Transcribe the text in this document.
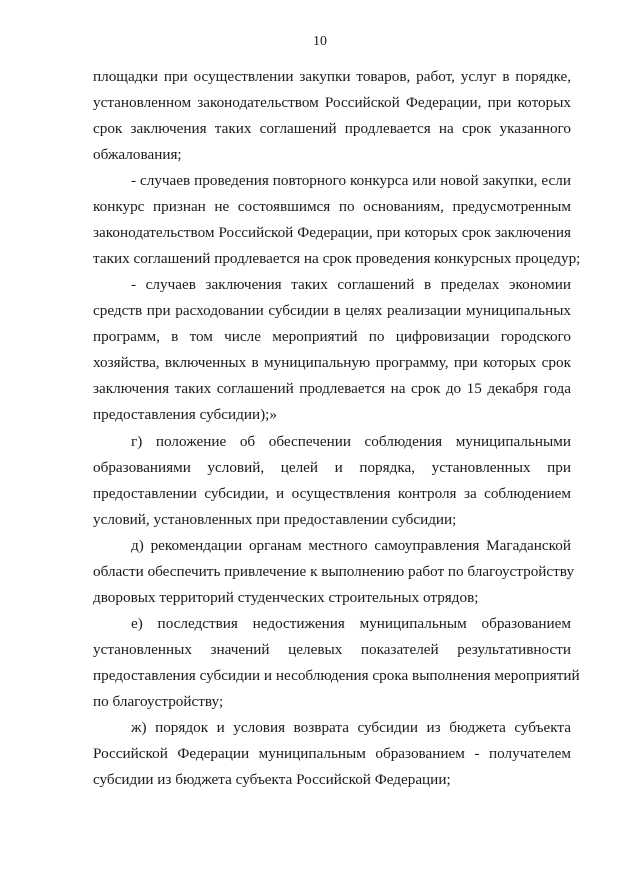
10
площадки при осуществлении закупки товаров, работ, услуг в порядке,
установленном законодательством Российской Федерации, при которых
срок заключения таких соглашений продлевается на срок указанного
обжалования;
- случаев проведения повторного конкурса или новой закупки, если
конкурс признан не состоявшимся по основаниям, предусмотренным
законодательством Российской Федерации, при которых срок заключения
таких соглашений продлевается на срок проведения конкурсных процедур;
- случаев заключения таких соглашений в пределах экономии
средств при расходовании субсидии в целях реализации муниципальных
программ, в том числе мероприятий по цифровизации городского
хозяйства, включенных в муниципальную программу, при которых срок
заключения таких соглашений продлевается на срок до 15 декабря года
предоставления субсидии);»
г) положение об обеспечении соблюдения муниципальными
образованиями условий, целей и порядка, установленных при
предоставлении субсидии, и осуществления контроля за соблюдением
условий, установленных при предоставлении субсидии;
д) рекомендации органам местного самоуправления Магаданской
области обеспечить привлечение к выполнению работ по благоустройству
дворовых территорий студенческих строительных отрядов;
е) последствия недостижения муниципальным образованием
установленных значений целевых показателей результативности
предоставления субсидии и несоблюдения срока выполнения мероприятий
по благоустройству;
ж) порядок и условия возврата субсидии из бюджета субъекта
Российской Федерации муниципальным образованием - получателем
субсидии из бюджета субъекта Российской Федерации;
